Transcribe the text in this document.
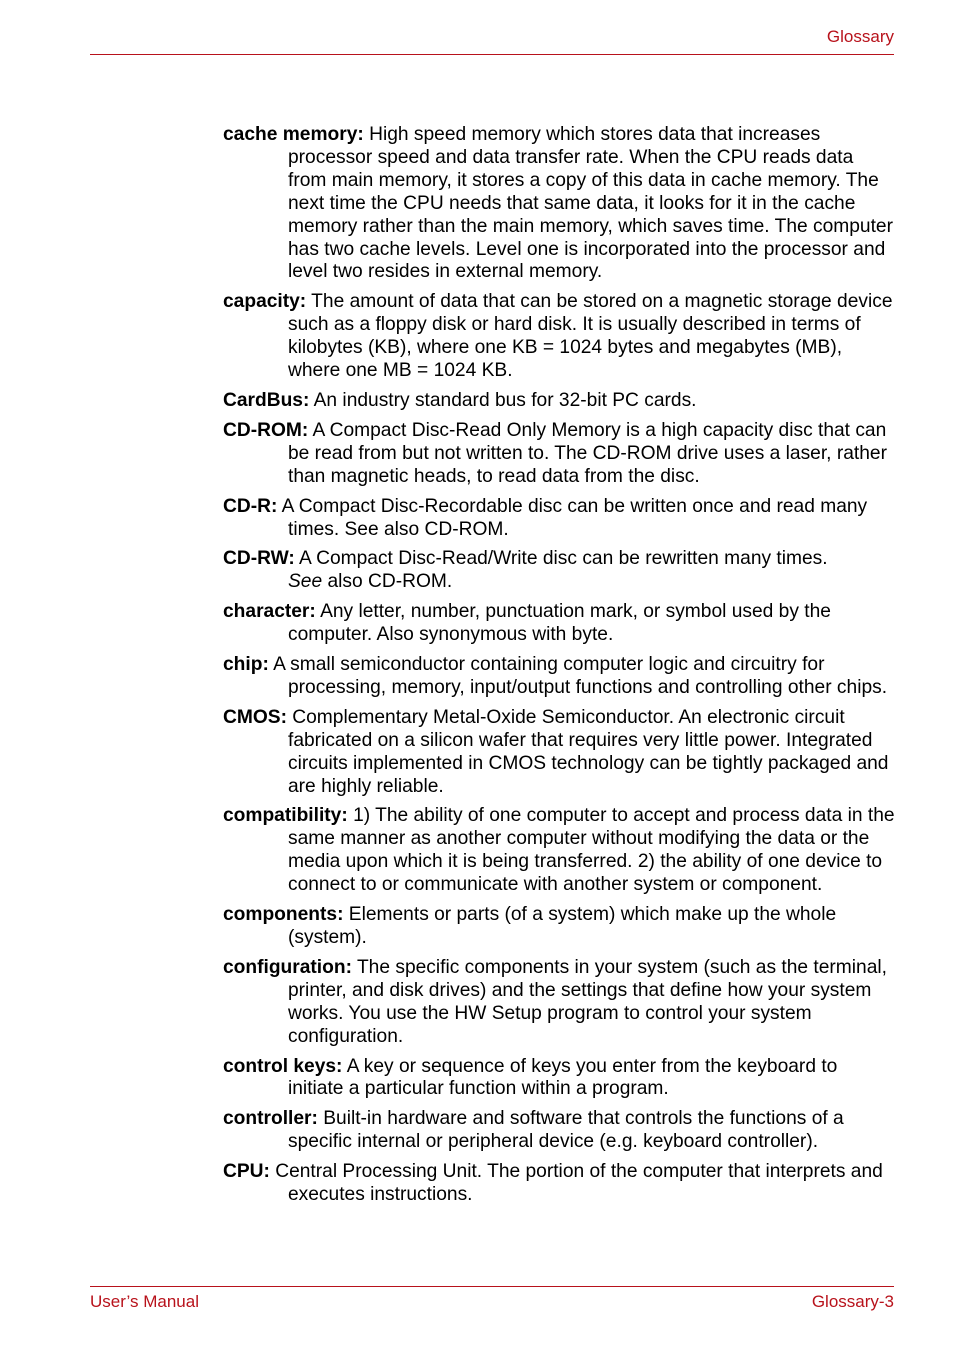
Glossary

cache memory: High speed memory which stores data that increases processor speed and data transfer rate. When the CPU reads data from main memory, it stores a copy of this data in cache memory. The next time the CPU needs that same data, it looks for it in the cache memory rather than the main memory, which saves time. The computer has two cache levels. Level one is incorporated into the processor and level two resides in external memory.

capacity: The amount of data that can be stored on a magnetic storage device such as a floppy disk or hard disk. It is usually described in terms of kilobytes (KB), where one KB = 1024 bytes and megabytes (MB), where one MB = 1024 KB.

CardBus: An industry standard bus for 32-bit PC cards.

CD-ROM: A Compact Disc-Read Only Memory is a high capacity disc that can be read from but not written to. The CD-ROM drive uses a laser, rather than magnetic heads, to read data from the disc.

CD-R: A Compact Disc-Recordable disc can be written once and read many times. See also CD-ROM.

CD-RW: A Compact Disc-Read/Write disc can be rewritten many times.
See also CD-ROM.

character: Any letter, number, punctuation mark, or symbol used by the computer. Also synonymous with byte.

chip: A small semiconductor containing computer logic and circuitry for processing, memory, input/output functions and controlling other chips.

CMOS: Complementary Metal-Oxide Semiconductor. An electronic circuit fabricated on a silicon wafer that requires very little power. Integrated circuits implemented in CMOS technology can be tightly packaged and are highly reliable.

compatibility: 1) The ability of one computer to accept and process data in the same manner as another computer without modifying the data or the media upon which it is being transferred. 2) the ability of one device to connect to or communicate with another system or component.

components: Elements or parts (of a system) which make up the whole (system).

configuration: The specific components in your system (such as the terminal, printer, and disk drives) and the settings that define how your system works. You use the HW Setup program to control your system configuration.

control keys: A key or sequence of keys you enter from the keyboard to initiate a particular function within a program.

controller: Built-in hardware and software that controls the functions of a specific internal or peripheral device (e.g. keyboard controller).

CPU: Central Processing Unit. The portion of the computer that interprets and executes instructions.

User’s Manual	Glossary-3
